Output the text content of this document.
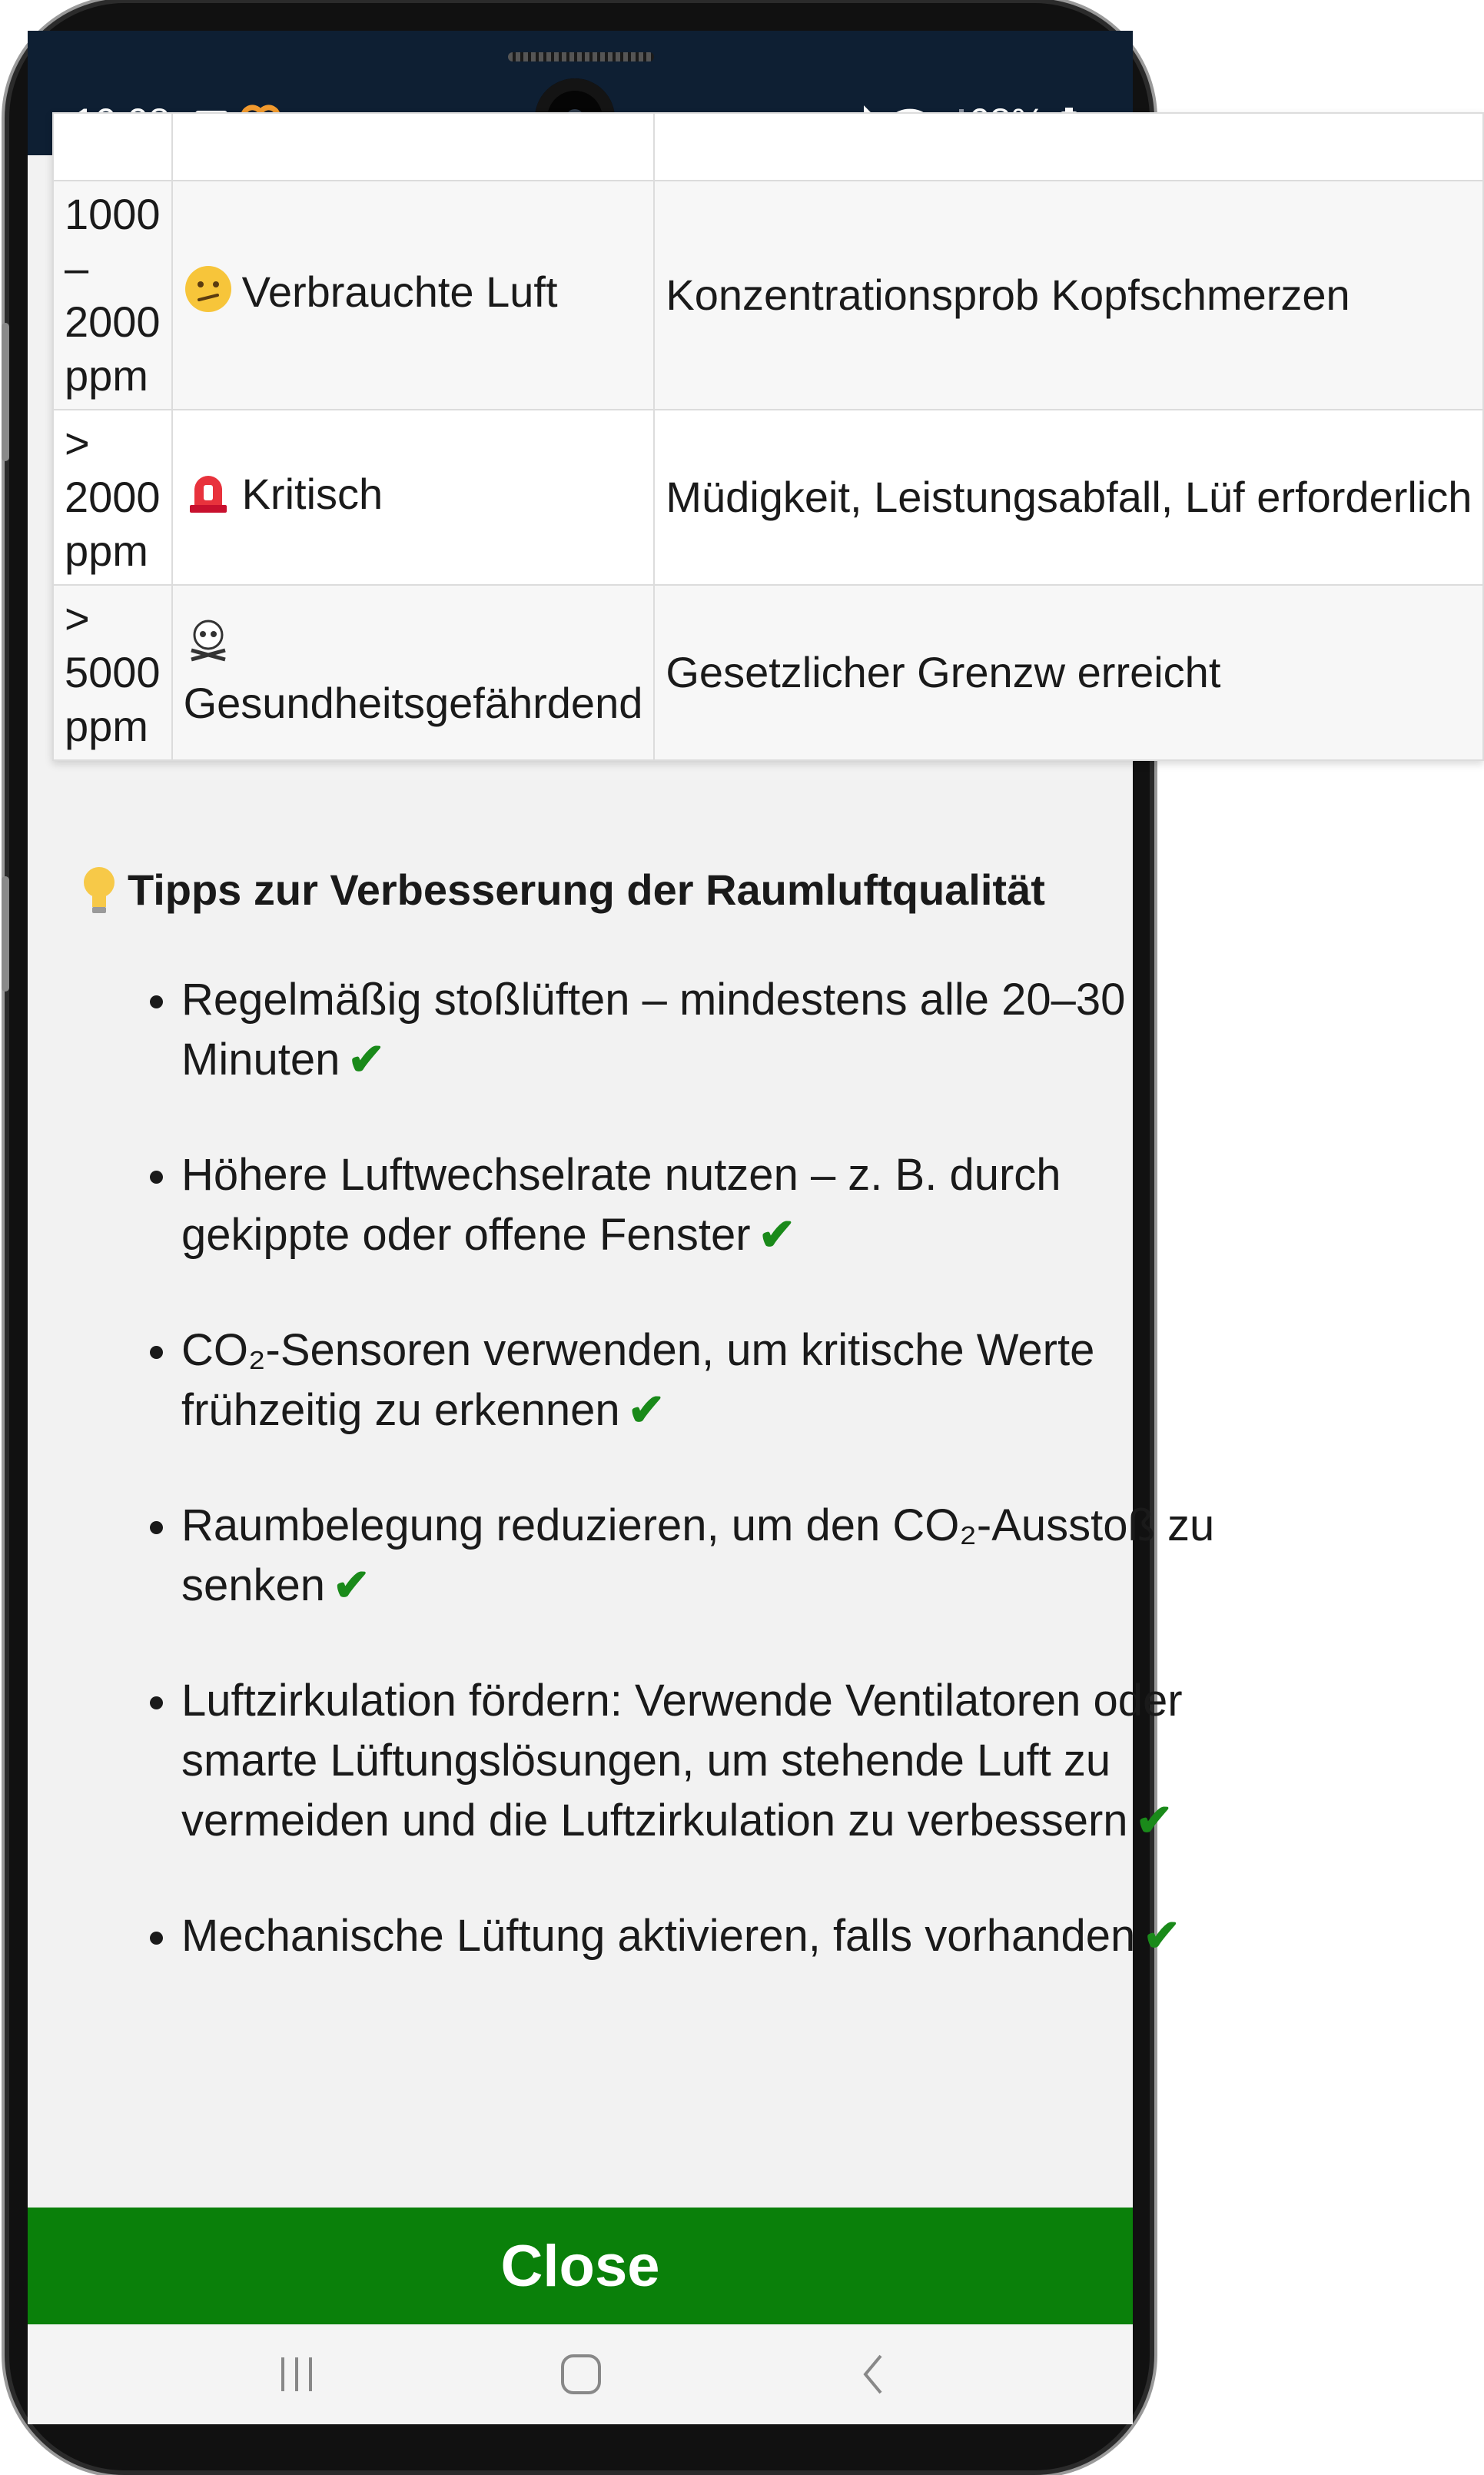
1000 – 2000 ppm	Verbrauchte Luft	Konzentrationsprob Kopfschmerzen
> 2000 ppm	Kritisch	Müdigkeit, Leistungsabfall, Lüf erforderlich
> 5000 ppm	Gesundheitsgefährdend	Gesetzlicher Grenzw erreicht
Tipps zur Verbesserung der Raumluftqualität
• Regelmäßig stoßlüften – mindestens alle 20–30 Minuten ✔
• Höhere Luftwechselrate nutzen – z. B. durch gekippte oder offene Fenster ✔
• CO₂-Sensoren verwenden, um kritische Werte frühzeitig zu erkennen ✔
• Raumbelegung reduzieren, um den CO₂-Ausstoß zu senken ✔
• Luftzirkulation fördern: Verwende Ventilatoren oder smarte Lüftungslösungen, um stehende Luft zu vermeiden und die Luftzirkulation zu verbessern ✔
• Mechanische Lüftung aktivieren, falls vorhanden ✔
Close
